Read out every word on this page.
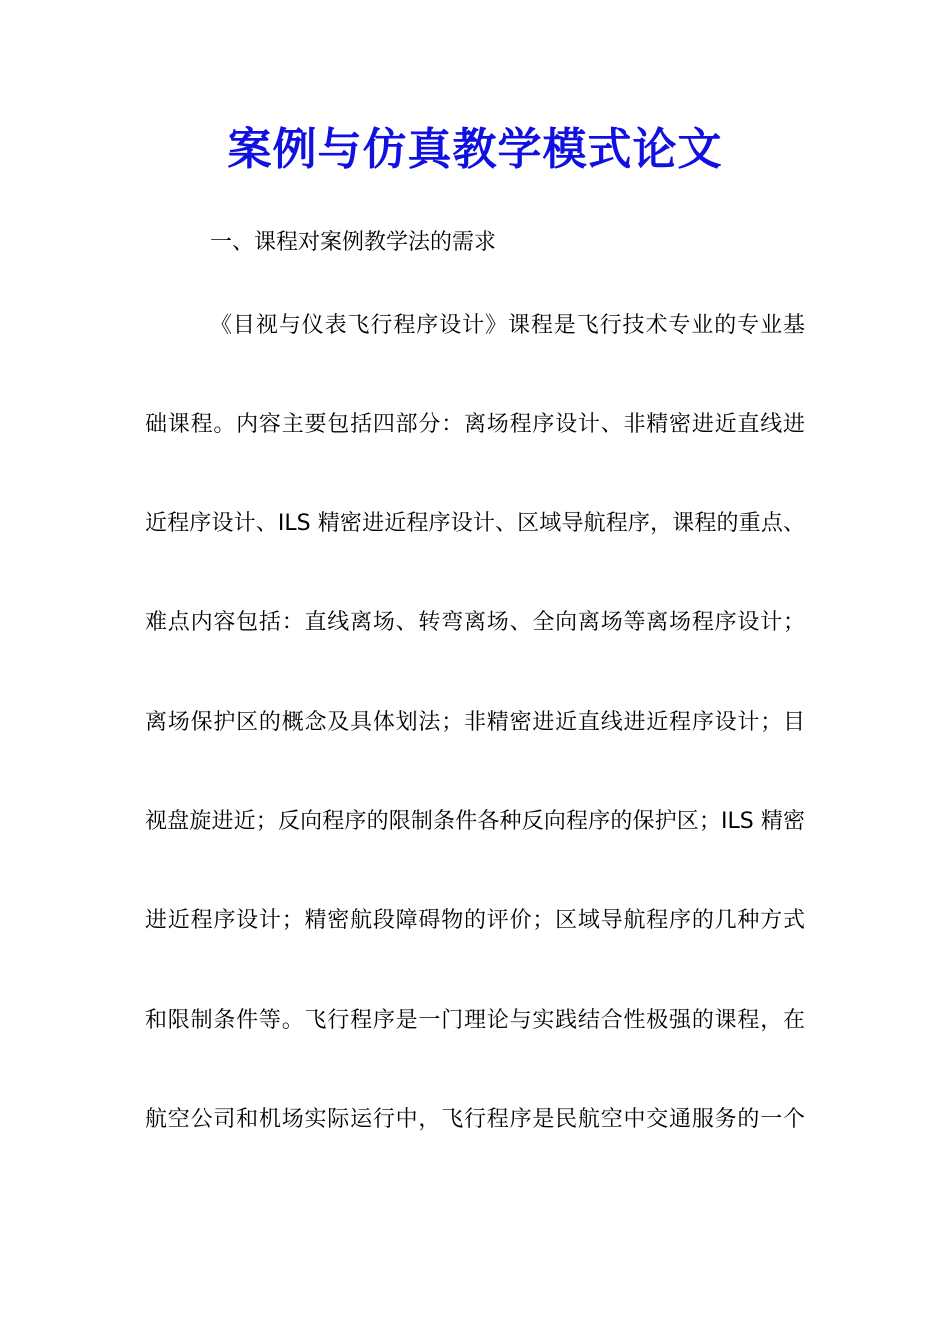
案例与仿真教学模式论文

一、课程对案例教学法的需求

《目视与仪表飞行程序设计》课程是飞行技术专业的专业基

础课程。内容主要包括四部分：离场程序设计、非精密进近直线进

近程序设计、ILS 精密进近程序设计、区域导航程序，课程的重点、

难点内容包括：直线离场、转弯离场、全向离场等离场程序设计；

离场保护区的概念及具体划法；非精密进近直线进近程序设计；目

视盘旋进近；反向程序的限制条件各种反向程序的保护区；ILS 精密

进近程序设计；精密航段障碍物的评价；区域导航程序的几种方式

和限制条件等。飞行程序是一门理论与实践结合性极强的课程，在

航空公司和机场实际运行中，飞行程序是民航空中交通服务的一个
